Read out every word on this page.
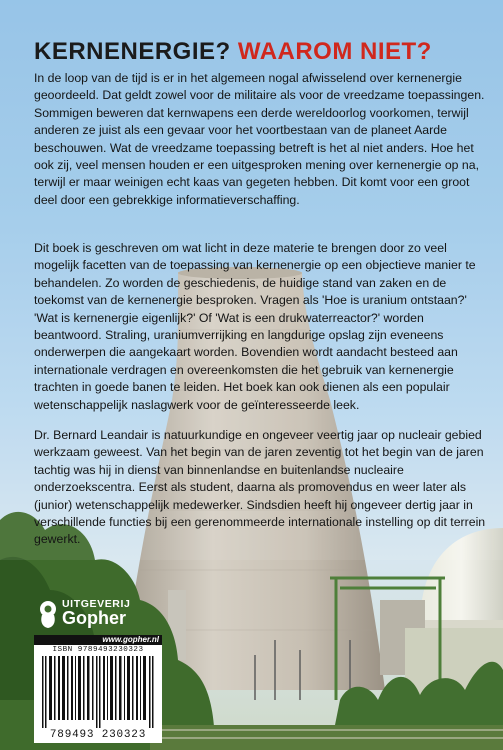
KERNENERGIE? WAAROM NIET?

In de loop van de tijd is er in het algemeen nogal afwisselend over kernenergie geoordeeld. Dat geldt zowel voor de militaire als voor de vreedzame toepassingen. Sommigen beweren dat kernwapens een derde wereldoorlog voorkomen, terwijl anderen ze juist als een gevaar voor het voortbestaan van de planeet Aarde beschouwen. Wat de vreedzame toepassing betreft is het al niet anders. Hoe het ook zij, veel mensen houden er een uitgesproken mening over kernenergie op na, terwijl er maar weinigen echt kaas van gegeten hebben. Dit komt voor een groot deel door een gebrekkige informatieverschaffing.

Dit boek is geschreven om wat licht in deze materie te brengen door zo veel mogelijk facetten van de toepassing van kernenergie op een objectieve manier te behandelen. Zo worden de geschiedenis, de huidige stand van zaken en de toekomst van de kernenergie besproken. Vragen als 'Hoe is uranium ontstaan?' 'Wat is kernenergie eigenlijk?' Of 'Wat is een drukwaterreactor?' worden beantwoord. Straling, uraniumverrijking en langdurige opslag zijn eveneens onderwerpen die aangekaart worden. Bovendien wordt aandacht besteed aan internationale verdragen en overeenkomsten die het gebruik van kernenergie trachten in goede banen te leiden. Het boek kan ook dienen als een populair wetenschappelijk naslagwerk voor de geïnteresseerde leek.

Dr. Bernard Leandair is natuurkundige en ongeveer veertig jaar op nucleair gebied werkzaam geweest. Van het begin van de jaren zeventig tot het begin van de jaren tachtig was hij in dienst van binnenlandse en buitenlandse nucleaire onderzoekscentra. Eerst als student, daarna als promovendus en weer later als (junior) wetenschappelijk medewerker. Sindsdien heeft hij ongeveer dertig jaar in verschillende functies bij een gerenommeerde internationale instelling op dit terrein gewerkt.

UITGEVERIJ
Gopher
www.gopher.nl
ISBN 9789493230323
789493 230323
